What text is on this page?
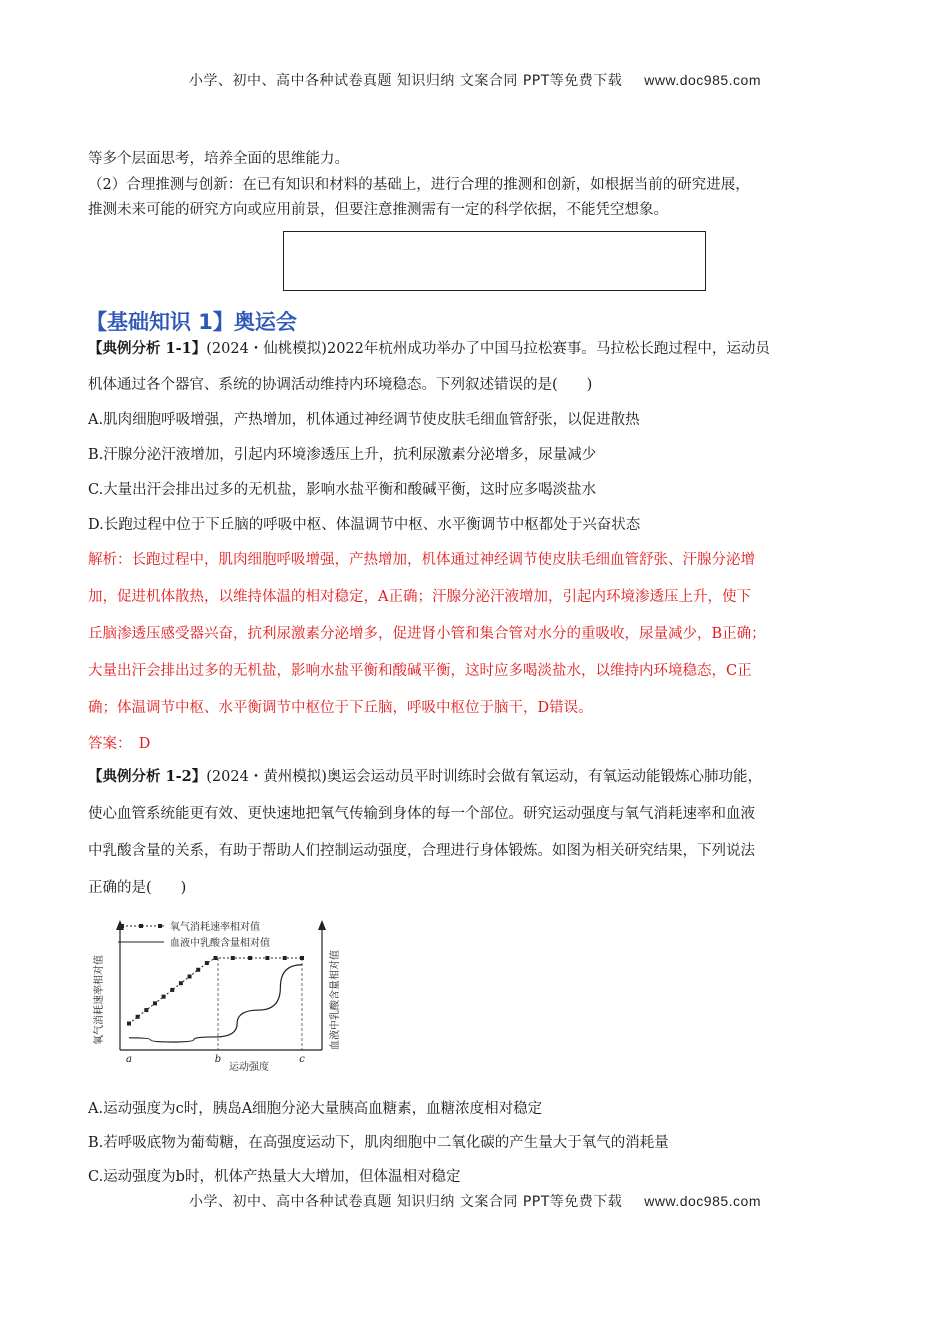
小学、初中、高中各种试卷真题 知识归纳 文案合同 PPT等免费下载 www.doc985.com
等多个层面思考，培养全面的思维能力。
（2）合理推测与创新：在已有知识和材料的基础上，进行合理的推测和创新，如根据当前的研究进展，
推测未来可能的研究方向或应用前景，但要注意推测需有一定的科学依据，不能凭空想象。
【基础知识 1】奥运会
【典例分析 1-1】(2024・仙桃模拟)2022年杭州成功举办了中国马拉松赛事。马拉松长跑过程中，运动员
机体通过各个器官、系统的协调活动维持内环境稳态。下列叙述错误的是(　　)
A.肌肉细胞呼吸增强，产热增加，机体通过神经调节使皮肤毛细血管舒张，以促进散热
B.汗腺分泌汗液增加，引起内环境渗透压上升，抗利尿激素分泌增多，尿量减少
C.大量出汗会排出过多的无机盐，影响水盐平衡和酸碱平衡，这时应多喝淡盐水
D.长跑过程中位于下丘脑的呼吸中枢、体温调节中枢、水平衡调节中枢都处于兴奋状态
解析：长跑过程中，肌肉细胞呼吸增强，产热增加，机体通过神经调节使皮肤毛细血管舒张、汗腺分泌增
加，促进机体散热，以维持体温的相对稳定，A正确；汗腺分泌汗液增加，引起内环境渗透压上升，使下
丘脑渗透压感受器兴奋，抗利尿激素分泌增多，促进肾小管和集合管对水分的重吸收，尿量减少，B正确；
大量出汗会排出过多的无机盐，影响水盐平衡和酸碱平衡，这时应多喝淡盐水，以维持内环境稳态，C正
确；体温调节中枢、水平衡调节中枢位于下丘脑，呼吸中枢位于脑干，D错误。
答案：　D
【典例分析 1-2】(2024・黄州模拟)奥运会运动员平时训练时会做有氧运动，有氧运动能锻炼心肺功能，
使心血管系统能更有效、更快速地把氧气传输到身体的每一个部位。研究运动强度与氧气消耗速率和血液
中乳酸含量的关系，有助于帮助人们控制运动强度，合理进行身体锻炼。如图为相关研究结果，下列说法
正确的是(　　)
氧气消耗速率相对值	血液中乳酸含量相对值
氧气消耗速率相对值
血液中乳酸含量相对值
运动强度
a	b	c
A.运动强度为c时，胰岛A细胞分泌大量胰高血糖素，血糖浓度相对稳定
B.若呼吸底物为葡萄糖，在高强度运动下，肌肉细胞中二氧化碳的产生量大于氧气的消耗量
C.运动强度为b时，机体产热量大大增加，但体温相对稳定
小学、初中、高中各种试卷真题 知识归纳 文案合同 PPT等免费下载 www.doc985.com
